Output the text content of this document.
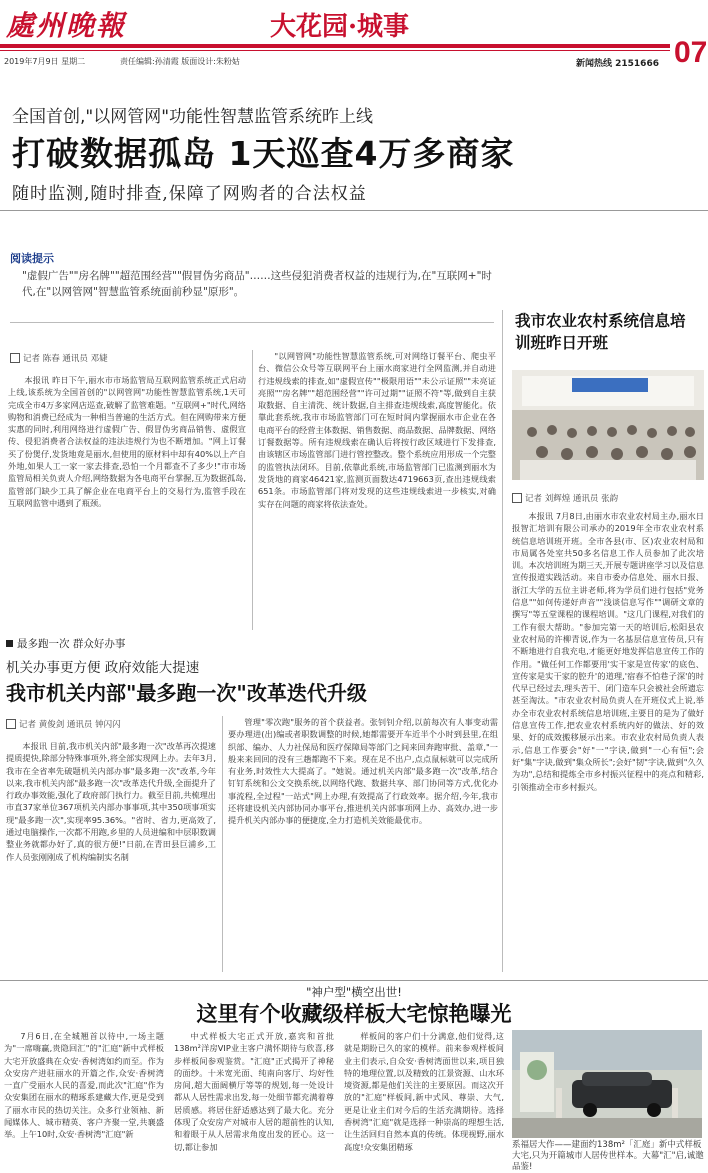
處州晚報	大花园·城事
07
2019年7月9日 星期二	责任编辑:孙清霞 版面设计:朱粉姑	新闻热线 2151666
全国首创,"以网管网"功能性智慧监管系统昨上线
打破数据孤岛 1天巡查4万多商家
随时监测,随时排查,保障了网购者的合法权益
阅读提示
"虚假广告""房名牌""超范围经营""假冒伪劣商品"……这些侵犯消费者权益的违规行为,在"互联网+"时代,在"以网管网"智慧监管系统面前秒显"原形"。
记者 陈春 通讯员 邓婕
本报讯 昨日下午,丽水市市场监管局互联网监管系统正式启动上线,该系统为全国首创的"以网管网"功能性智慧监管系统,1天可完成全市4万多家网店巡查,破解了监管难题。"互联网+"时代,网络购物和消费已经成为一种相当普遍的生活方式。但在网购带来方便实惠的同时,利用网络进行虚假广告、假冒伪劣商品销售、虚假宣传、侵犯消费者合法权益的违法违规行为也不断增加。"网上订餐买了份煲仔,发货地竟是丽水,但使用的原材料中却有40%以上产自外地,如果人工一家一家去排查,恐怕一个月都查不了多少!"市市场监管局相关负责人介绍,网络数据为各电商平台掌握,互为数据孤岛,监管部门缺少工具了解企业在电商平台上的交易行为,监管手段在互联网监管中遇到了瓶颈。
"以网管网"功能性智慧监管系统,可对网络订餐平台、爬虫平台、微信公众号等互联网平台上丽水商家进行全网监测,并自动进行违规线索的排查,如"虚假宣传""极限用语""未公示证照""未亮证亮照""房名牌""超范围经营""许可过期""证照不符"等,做到自主获取数据、自主清洗、统计数据,自主排查违规线索,高度智能化。依靠此套系统,我市市场监管部门可在短时间内掌握丽水市企业在各电商平台的经营主体数据、销售数据、商品数据、品牌数据、网络订餐数据等。所有违规线索在确认后将按行政区域进行下发排查,由该辖区市场监管部门进行管控整改。整个系统应用形成一个完整的监管执法闭环。目前,依靠此系统,市场监管部门已监测到丽水为发货地的商家46421家,监测页面数达4719663页,查出违规线索651条。市场监管部门将对发现的这些违规线索进一步核实,对确实存在问题的商家将依法查处。
最多跑一次 群众好办事
机关办事更方便 政府效能大提速
我市机关内部"最多跑一次"改革迭代升级
记者 黄俊剑 通讯员 钟闪闪
本报讯 目前,我市机关内部"最多跑一次"改革再次提速提质提快,除部分特殊事项外,将全部实现网上办。去年3月,我市在全省率先破题机关内部办事"最多跑一次"改革,今年以来,我市机关内部"最多跑一次"改革迭代升级,全面提升了行政办事效能,强化了政府部门执行力。截至目前,共梳理出市直37家单位367项机关内部办事事项,其中350项事项实现"最多跑一次",实现率95.36%。"省时、省力,更高效了,通过电脑操作,一次都不用跑,乡里的人员进编和中层职数调整业务就都办好了,真的很方便!"日前,在青田县巨浦乡,工作人员张刚刚成了机构编制实名制
管理"零次跑"服务的首个获益者。张钊钊介绍,以前每次有人事变动需要办理进(出)编或者职数调整的时候,她都需要开车近半个小时到县里,在组织部、编办、人力社保局和医疗保障局等部门之间来回奔跑审批、盖章,"一般来来回回的没有三趟都跑不下来。现在足不出户,点点鼠标就可以完成所有业务,时效性大大提高了。"她说。通过机关内部"最多跑一次"改革,结合钉钉系统和公文交换系统,以网络代跑、数据共享、部门协同等方式,优化办事流程,全过程"一站式"网上办理,有效提高了行政效率。据介绍,今年,我市还将建设机关内部协同办事平台,推进机关内部事项网上办、高效办,进一步提升机关内部办事的便捷度,全力打造机关效能最优市。
我市农业农村系统信息培训班昨日开班
记者 刘辉煌 通讯员 张韵
本报讯 7月8日,由丽水市农业农村局主办,丽水日报智汇培训有限公司承办的2019年全市农业农村系统信息培训班开班。全市各县(市、区)农业农村局和市局属各处室共50多名信息工作人员参加了此次培训。本次培训班为期三天,开展专题讲座学习以及信息宣传报道实践活动。来自市委办信息处、丽水日报、浙江大学的五位主讲老师,将为学员们进行包括"党务信息""如何传递好声音""浅谈信息写作""调研文章的撰写"等五堂课程的课程培训。"这几门课程,对我们的工作有很大帮助。"参加完第一天的培训后,松阳县农业农村局的许柳青说,作为一名基层信息宣传员,只有不断地进行自我充电,才能更好地发挥信息宣传工作的作用。"做任何工作都要用'实干家是宣传家'的底色、宣传家是实干家的腔升'的道理,'宿春不怕巷子深'的时代早已经过去,理头苦干、闭门造车只会被社会所遗忘甚至淘汰。"市农业农村局负责人在开班仪式上说,举办全市农业农村系统信息培训班,主要目的是为了做好信息宣传工作,把农业农村系统内好的做法、好的效果、好的成效搬移展示出来。市农业农村局负责人表示,信息工作要会"好"一"字诀,做到"一心有恒";会好"集"字诀,做到"集众所长";会好"韧"字诀,做到"久久为功",总结和提炼全市乡村振兴征程中的亮点和精彩,引领推动全市乡村振兴。
"神户型"横空出世!
这里有个收藏级样板大宅惊艳曝光
7月6日,在全城翘首以待中,一场主题为"一席嗨赢,贵隐回汇"的"汇庭"新中式样板大宅开放盛典在众安·香树湾如约而至。作为众安房产进驻丽水的开篇之作,众安·香树湾一直广受丽水人民的喜爱,而此次"汇庭"作为众安集团在丽水的精琢系建藏大作,更是受到了丽水市民的热切关注。众多行业领袖、新闻媒体人、城市精英、客户齐聚一堂,共襄盛举。上午10时,众安·香树湾"汇庭"新
中式样板大宅正式开放,嘉宾和首批138m²洋房VIP业主客户满怀期待与欣喜,移步样板间参观鉴赏。"汇庭"正式揭开了神秘的面纱。十米宽光面、纯南向客厅、均好性房间,超大面阔横厅等等的规划,每一处设计都从人居性需求出发,每一处细节都充满着尊居质感。将居住舒适感达到了最大化。充分体现了众安房产对城市人居的超前性的认知,和着眼于从人居需求角度出发的匠心。这一切,都让参加
样板间的客户们十分满意,他们觉得,这就是期盼已久的家的模样。前来参观样板间业主们表示,自众安·香树湾面世以来,项目独特的地理位置,以及精致的江景资源、山水环境资源,都是他们关注的主要原因。而这次开放的"汇庭"样板间,新中式风、尊崇、大气,更是让业主们对今后的生活充满期待。选择香树湾"汇庭"就是选择一种崇高的理想生活,让生活回归自然本真的传统。体现视野,丽水高度!众安集团精琢	系福居大作——建面约138m²「汇庭」新中式样板大宅,只为开篇城市人居传世样本。大幕"汇"启,诚邀品鉴!
